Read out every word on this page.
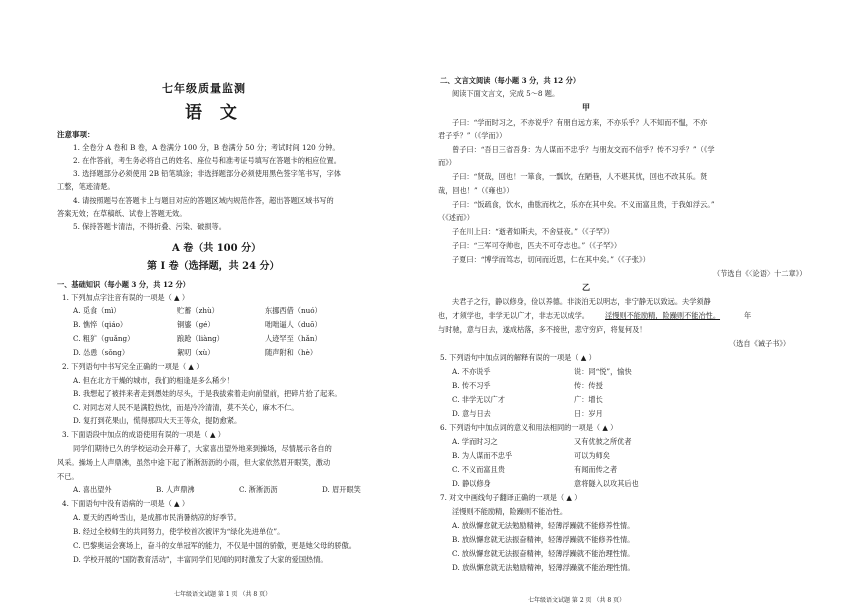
七年级质量监测
语 文
注意事项：
1. 全卷分 A 卷和 B 卷，A 卷满分 100 分，B 卷满分 50 分；考试时间 120 分钟。
2. 在作答前，考生务必将自己的姓名、座位号和准考证号填写在答题卡的相应位置。
3. 选择题部分必须使用 2B 铅笔填涂；非选择题部分必须使用黑色签字笔书写，字体
工整，笔迹清楚。
4. 请按照题号在答题卡上与题目对应的答题区域内规范作答，超出答题区域书写的
答案无效；在草稿纸、试卷上答题无效。
5. 保持答题卡清洁，不得折叠、污染、破损等。
A 卷（共 100 分）
第 Ⅰ 卷（选择题，共 24 分）
一、基础知识（每小题 3 分，共 12 分）
1. 下列加点字注音有误的一项是（ ▲ ）
A. 觅食（mì）	贮蓄（zhù）	东挪西借（nuó）
B. 憔悴（qiáo）	铜鎏（gé）	咄咄逼人（duō）
C. 粗犷（guǎng）	踉跄（liàng）	人迹罕至（hǎn）
D. 怂恿（sǒng）	絮叨（xù）	随声附和（hè）
2. 下列语句中书写完全正确的一项是（ ▲ ）
A. 但在北方干燥的城市，我们的相逢是多么稀少！
B. 我想起了被拌来者走到愚娃的尽头，于是我拔索着走向前望前，把碎片拾了起来。
C. 对同志对人民不是满腔热忱，而是冷冷清清，莫不关心，麻木不仁。
D. 复打到花果山，慌得那四大天王等众，提防愈紧。
3. 下面语段中加点的成语使用有误的一项是（ ▲ ）
同学们期待已久的学校运动会开幕了，大家喜出望外地来到操场，尽情展示各自的
风采。操场上人声鼎沸，虽然中途下起了淅淅沥沥的小雨，但大家依然眉开眼笑，激动
不已。
A. 喜出望外	B. 人声鼎沸	C. 淅淅沥沥	D. 眉开眼笑
4. 下面语句中没有语病的一项是（ ▲ ）
A. 夏天的西岭雪山，是成都市民消暑纳凉的好季节。
B. 经过全校师生的共同努力，使学校首次被评为“绿化先进单位”。
C. 巴黎奥运会赛场上，奋斗的女单冠军的能力，不仅是中国的骄傲，更是她父母的骄傲。
D. 学校开展的“国防教育活动”，丰富同学们见闻的同时激发了大家的爱国热情。
七年级语文试题 第 1 页 （共 8 页）
二、文言文阅读（每小题 3 分，共 12 分）
阅读下面文言文，完成 5～8 题。
甲
子曰：“学而时习之，不亦说乎？有朋自远方来，不亦乐乎？人不知而不愠，不亦
君子乎？”（《学而》）
曾子曰：“吾日三省吾身：为人谋而不忠乎？与朋友交而不信乎？传不习乎？”（《学
而》）
子曰：“贤哉，回也！一箪食，一瓢饮，在陋巷，人不堪其忧，回也不改其乐。贤
哉，回也！”（《雍也》）
子曰：“饭疏食，饮水，曲肱而枕之，乐亦在其中矣。不义而富且贵，于我如浮云。”
（《述而》）
子在川上曰：“逝者如斯夫，不舍昼夜。”（《子罕》）
子曰：“三军可夺帅也，匹夫不可夺志也。”（《子罕》）
子夏曰：“博学而笃志，切问而近思，仁在其中矣。”（《子张》）
（节选自《〈论语〉十二章》）
乙
夫君子之行，静以修身，俭以养德。非淡泊无以明志，非宁静无以致远。夫学须静
也，才须学也，非学无以广才，非志无以成学。 淫慢则不能励精，险躁则不能冶性。	年
与时驰，意与日去，遂成枯落，多不接世，悲守穷庐，将复何及！
（选自《诫子书》）
5. 下列语句中加点词的解释有误的一项是（ ▲ ）
A. 不亦说乎	说：同“悦”，愉快
B. 传不习乎	传：传授
C. 非学无以广才	广：增长
D. 意与日去	日：岁月
6. 下列语句中加点词的意义和用法相同的一项是（ ▲ ）
A. 学而时习之	又有优彼之所优者
B. 为人谋而不忠乎	可以为师矣
C. 不义而富且贵	有闻而传之者
D. 静以修身	意将隧入以攻其后也
7. 对文中画线句子翻译正确的一项是（ ▲ ）
淫慢则不能励精，险躁则不能冶性。
A. 放纵懈怠就无法勉励精神，轻薄浮躁就不能修养性情。
B. 放纵懈怠就无法振奋精神，轻薄浮躁就不能修养性情。
C. 放纵懈怠就无法振奋精神，轻薄浮躁就不能治理性情。
D. 放纵懈怠就无法勉励精神，轻薄浮躁就不能治理性情。
七年级语文试题 第 2 页 （共 8 页）
